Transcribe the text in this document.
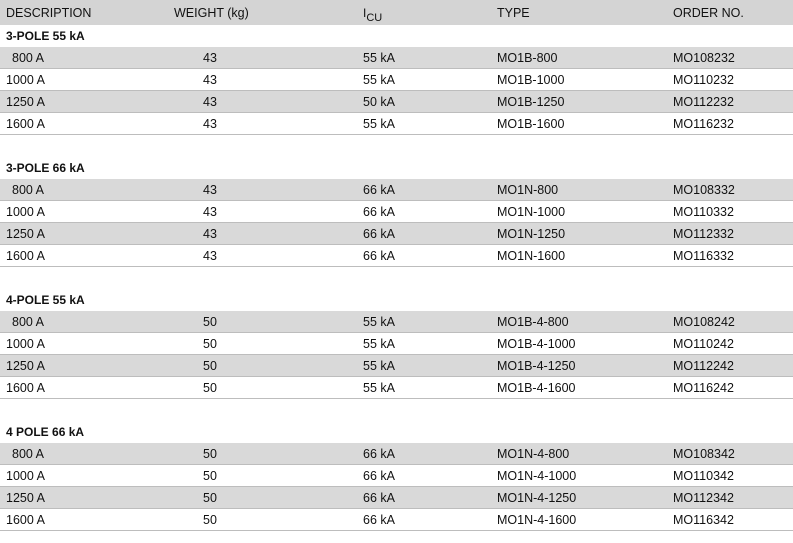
DESCRIPTION	WEIGHT (kg)	ICU	TYPE	ORDER NO.
3-POLE 55 kA
800 A	43	55 kA	MO1B-800	MO108232
1000 A	43	55 kA	MO1B-1000	MO110232
1250 A	43	50 kA	MO1B-1250	MO112232
1600 A	43	55 kA	MO1B-1600	MO116232
3-POLE 66 kA
800 A	43	66 kA	MO1N-800	MO108332
1000 A	43	66 kA	MO1N-1000	MO110332
1250 A	43	66 kA	MO1N-1250	MO112332
1600 A	43	66 kA	MO1N-1600	MO116332
4-POLE 55 kA
800 A	50	55 kA	MO1B-4-800	MO108242
1000 A	50	55 kA	MO1B-4-1000	MO110242
1250 A	50	55 kA	MO1B-4-1250	MO112242
1600 A	50	55 kA	MO1B-4-1600	MO116242
4 POLE 66 kA
800 A	50	66 kA	MO1N-4-800	MO108342
1000 A	50	66 kA	MO1N-4-1000	MO110342
1250 A	50	66 kA	MO1N-4-1250	MO112342
1600 A	50	66 kA	MO1N-4-1600	MO116342
